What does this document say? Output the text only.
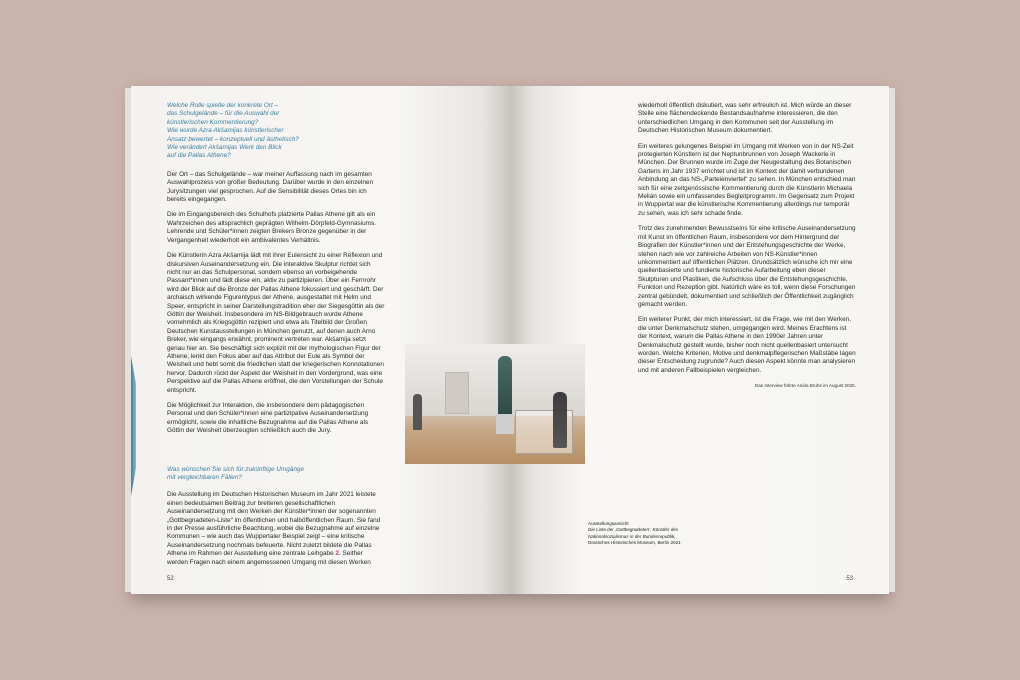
Welche Rolle spielte der konkrete Ort –
das Schulgelände – für die Auswahl der
künstlerischen Kommentierung?
Wie wurde Azra Akšamijas künstlerischer
Ansatz bewertet – konzeptuell und ästhetisch?
Wie verändert Akšamijas Werk den Blick
auf die Pallas Athene?

Der Ort – das Schulgelände – war meiner Auffassung nach im gesamten Auswahlprozess von großer Bedeutung. Darüber wurde in den einzelnen Jurysitzungen viel gesprochen. Auf die Sensibilität dieses Ortes bin ich bereits eingegangen.

Die im Eingangsbereich des Schulhofs platzierte Pallas Athene gilt als ein Wahrzeichen des altsprachlich geprägten Wilhelm-Dörpfeld-Gymnasiums. Lehrende und Schüler*innen zeigten Brekers Bronze gegenüber in der Vergangenheit wiederholt ein ambivalentes Verhältnis.

Die Künstlerin Azra Akšamija lädt mit ihrer Eulensicht zu einer Reflexion und diskursiven Auseinandersetzung ein. Die interaktive Skulptur richtet sich nicht nur an das Schulpersonal, sondern ebenso an vorbeigehende Passant*innen und lädt diese ein, aktiv zu partizipieren. Über ein Fernrohr wird der Blick auf die Bronze der Pallas Athene fokussiert und geschärft. Der archaisch wirkende Figurentypus der Athene, ausgestattet mit Helm und Speer, entspricht in seiner Darstellungstradition eher der Siegesgöttin als der Göttin der Weisheit. Insbesondere im NS-Bildgebrauch wurde Athene vornehmlich als Kriegsgöttin rezipiert und etwa als Titelbild der Großen Deutschen Kunstausstellungen in München genutzt, auf denen auch Arno Breker, wie eingangs erwähnt, prominent vertreten war. Akšamija setzt genau hier an. Sie beschäftigt sich explizit mit der mythologischen Figur der Athene, lenkt den Fokus aber auf das Attribut der Eule als Symbol der Weisheit und hebt somit die friedlichen statt der kriegerischen Konnotationen hervor. Dadurch rückt der Aspekt der Weisheit in den Vordergrund, was eine Perspektive auf die Pallas Athene eröffnet, die den Vorstellungen der Schule entspricht.

Die Möglichkeit zur Interaktion, die insbesondere dem pädagogischen Personal und den Schüler*innen eine partizipative Auseinandersetzung ermöglicht, sowie die inhaltliche Bezugnahme auf die Pallas Athene als Göttin der Weisheit überzeugten schließlich auch die Jury.

Was wünschen Sie sich für zukünftige Umgänge
mit vergleichbaren Fällen?

Die Ausstellung im Deutschen Historischen Museum im Jahr 2021 leistete einen bedeutsamen Beitrag zur breiteren gesellschaftlichen Auseinandersetzung mit den Werken der Künstler*innen der sogenannten „Gottbegnadeten-Liste“ im öffentlichen und halböffentlichen Raum. Sie fand in der Presse ausführliche Beachtung, wobei die Bezugnahme auf einzelne Kommunen – wie auch das Wuppertaler Beispiel zeigt – eine kritische Auseinandersetzung nochmals befeuerte. Nicht zuletzt bildete die Pallas Athene im Rahmen der Ausstellung eine zentrale Leihgabe 2. Seither werden Fragen nach einem angemessenen Umgang mit diesen Werken

52

wiederholt öffentlich diskutiert, was sehr erfreulich ist. Mich würde an dieser Stelle eine flächendeckende Bestandsaufnahme interessieren, die den unterschiedlichen Umgang in den Kommunen seit der Ausstellung im Deutschen Historischen Museum dokumentiert.

Ein weiteres gelungenes Beispiel im Umgang mit Werken von in der NS-Zeit protegierten Künstlern ist der Neptunbrunnen von Joseph Wackerle in München. Der Brunnen wurde im Zuge der Neugestaltung des Botanischen Gartens im Jahr 1937 errichtet und ist im Kontext der damit verbundenen Anbindung an das NS-„Parteienviertel“ zu sehen. In München entschied man sich für eine zeitgenössische Kommentierung durch die Künstlerin Michaela Melián sowie ein umfassendes Begleitprogramm. Im Gegensatz zum Projekt in Wuppertal war die künstlerische Kommentierung allerdings nur temporär zu sehen, was ich sehr schade finde.

Trotz des zunehmenden Bewusstseins für eine kritische Auseinandersetzung mit Kunst im öffentlichen Raum, insbesondere vor dem Hintergrund der Biografien der Künstler*innen und der Entstehungsgeschichte der Werke, stehen nach wie vor zahlreiche Arbeiten von NS-Künstler*innen unkommentiert auf öffentlichen Plätzen. Grundsätzlich wünsche ich mir eine quellenbasierte und fundierte historische Aufarbeitung eben dieser Skulpturen und Plastiken, die Aufschluss über die Entstehungsgeschichte, Funktion und Rezeption gibt. Natürlich wäre es toll, wenn diese Forschungen zentral gebündelt, dokumentiert und schließlich der Öffentlichkeit zugänglich gemacht werden.

Ein weiterer Punkt, der mich interessiert, ist die Frage, wie mit den Werken, die unter Denkmalschutz stehen, umgegangen wird. Meines Erachtens ist der Kontext, warum die Pallas Athene in den 1990er Jahren unter Denkmalschutz gestellt wurde, bisher noch nicht quellenbasiert untersucht worden. Welche Kriterien, Motive und denkmalpflegerischen Maßstäbe lagen dieser Entscheidung zugrunde? Auch diesen Aspekt könnte man analysieren und mit anderen Fallbeispielen vergleichen.

Das Interview führte Anida Bruhs im August 2025.
53
Ausstellungsansicht
Die Liste der ‚Gottbegnadeten‘. Künstler des
Nationalsozialismus in der Bundesrepublik,
Deutsches Historisches Museum, Berlin 2021
